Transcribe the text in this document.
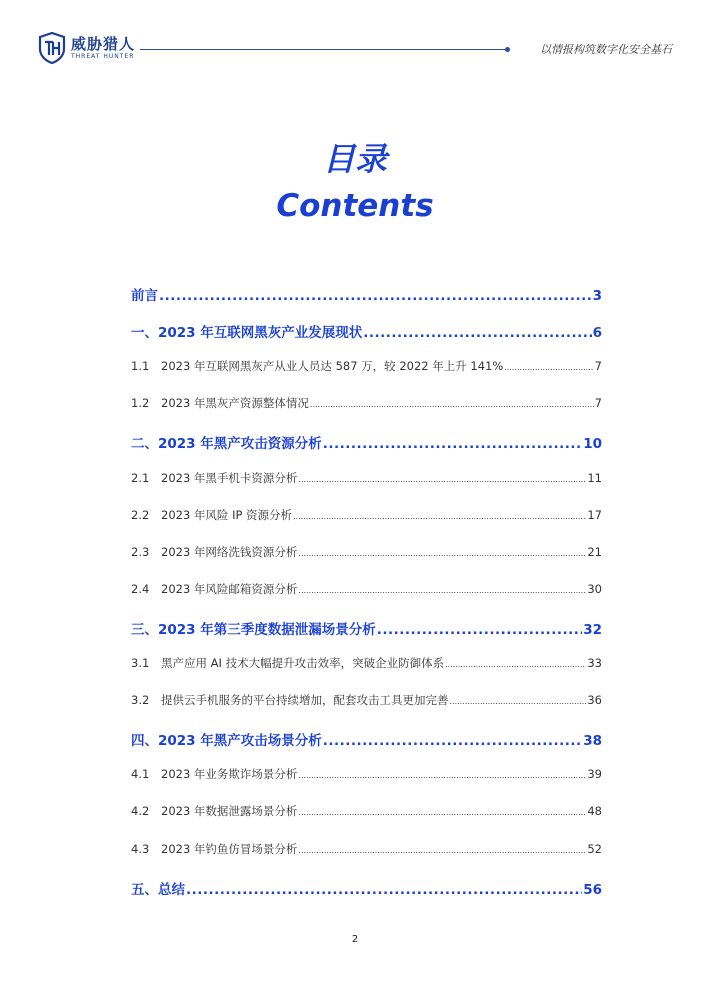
威胁猎人
THREAT HUNTER	以情报构筑数字化安全基石
目录
Contents
前言 .....	3
一、2023 年互联网黑灰产业发展现状 .....	6
1.1 2023 年互联网黑灰产从业人员达 587 万，较 2022 年上升 141% .....	7
1.2 2023 年黑灰产资源整体情况 .....	7
二、2023 年黑产攻击资源分析 .....	10
2.1 2023 年黑手机卡资源分析 .....	11
2.2 2023 年风险 IP 资源分析 .....	17
2.3 2023 年网络洗钱资源分析 .....	21
2.4 2023 年风险邮箱资源分析 .....	30
三、2023 年第三季度数据泄漏场景分析 .....	32
3.1 黑产应用 AI 技术大幅提升攻击效率，突破企业防御体系 .....	33
3.2 提供云手机服务的平台持续增加，配套攻击工具更加完善 .....	36
四、2023 年黑产攻击场景分析 .....	38
4.1 2023 年业务欺诈场景分析 .....	39
4.2 2023 年数据泄露场景分析 .....	48
4.3 2023 年钓鱼仿冒场景分析 .....	52
五、总结 .....	56
2
